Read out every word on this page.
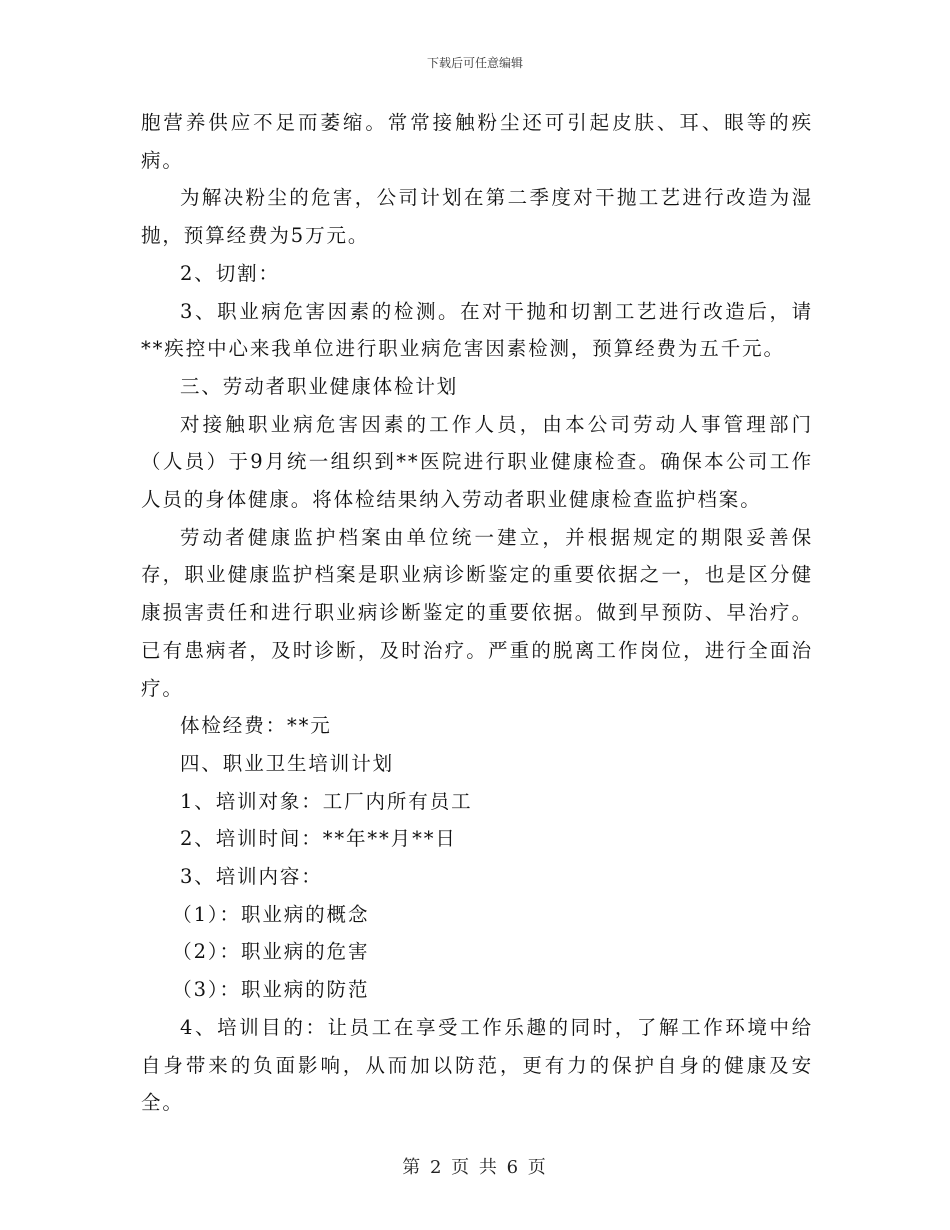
下载后可任意编辑

胞营养供应不足而萎缩。常常接触粉尘还可引起皮肤、耳、眼等的疾病。

为解决粉尘的危害，公司计划在第二季度对干抛工艺进行改造为湿抛，预算经费为5万元。

2、切割：

3、职业病危害因素的检测。在对干抛和切割工艺进行改造后，请**疾控中心来我单位进行职业病危害因素检测，预算经费为五千元。

三、劳动者职业健康体检计划

对接触职业病危害因素的工作人员，由本公司劳动人事管理部门（人员）于9月统一组织到**医院进行职业健康检查。确保本公司工作人员的身体健康。将体检结果纳入劳动者职业健康检查监护档案。

劳动者健康监护档案由单位统一建立，并根据规定的期限妥善保存，职业健康监护档案是职业病诊断鉴定的重要依据之一，也是区分健康损害责任和进行职业病诊断鉴定的重要依据。做到早预防、早治疗。已有患病者，及时诊断，及时治疗。严重的脱离工作岗位，进行全面治疗。

体检经费：**元

四、职业卫生培训计划

1、培训对象：工厂内所有员工

2、培训时间：**年**月**日

3、培训内容：

（1）：职业病的概念

（2）：职业病的危害

（3）：职业病的防范

4、培训目的：让员工在享受工作乐趣的同时，了解工作环境中给自身带来的负面影响，从而加以防范，更有力的保护自身的健康及安全。

第 2 页 共 6 页
